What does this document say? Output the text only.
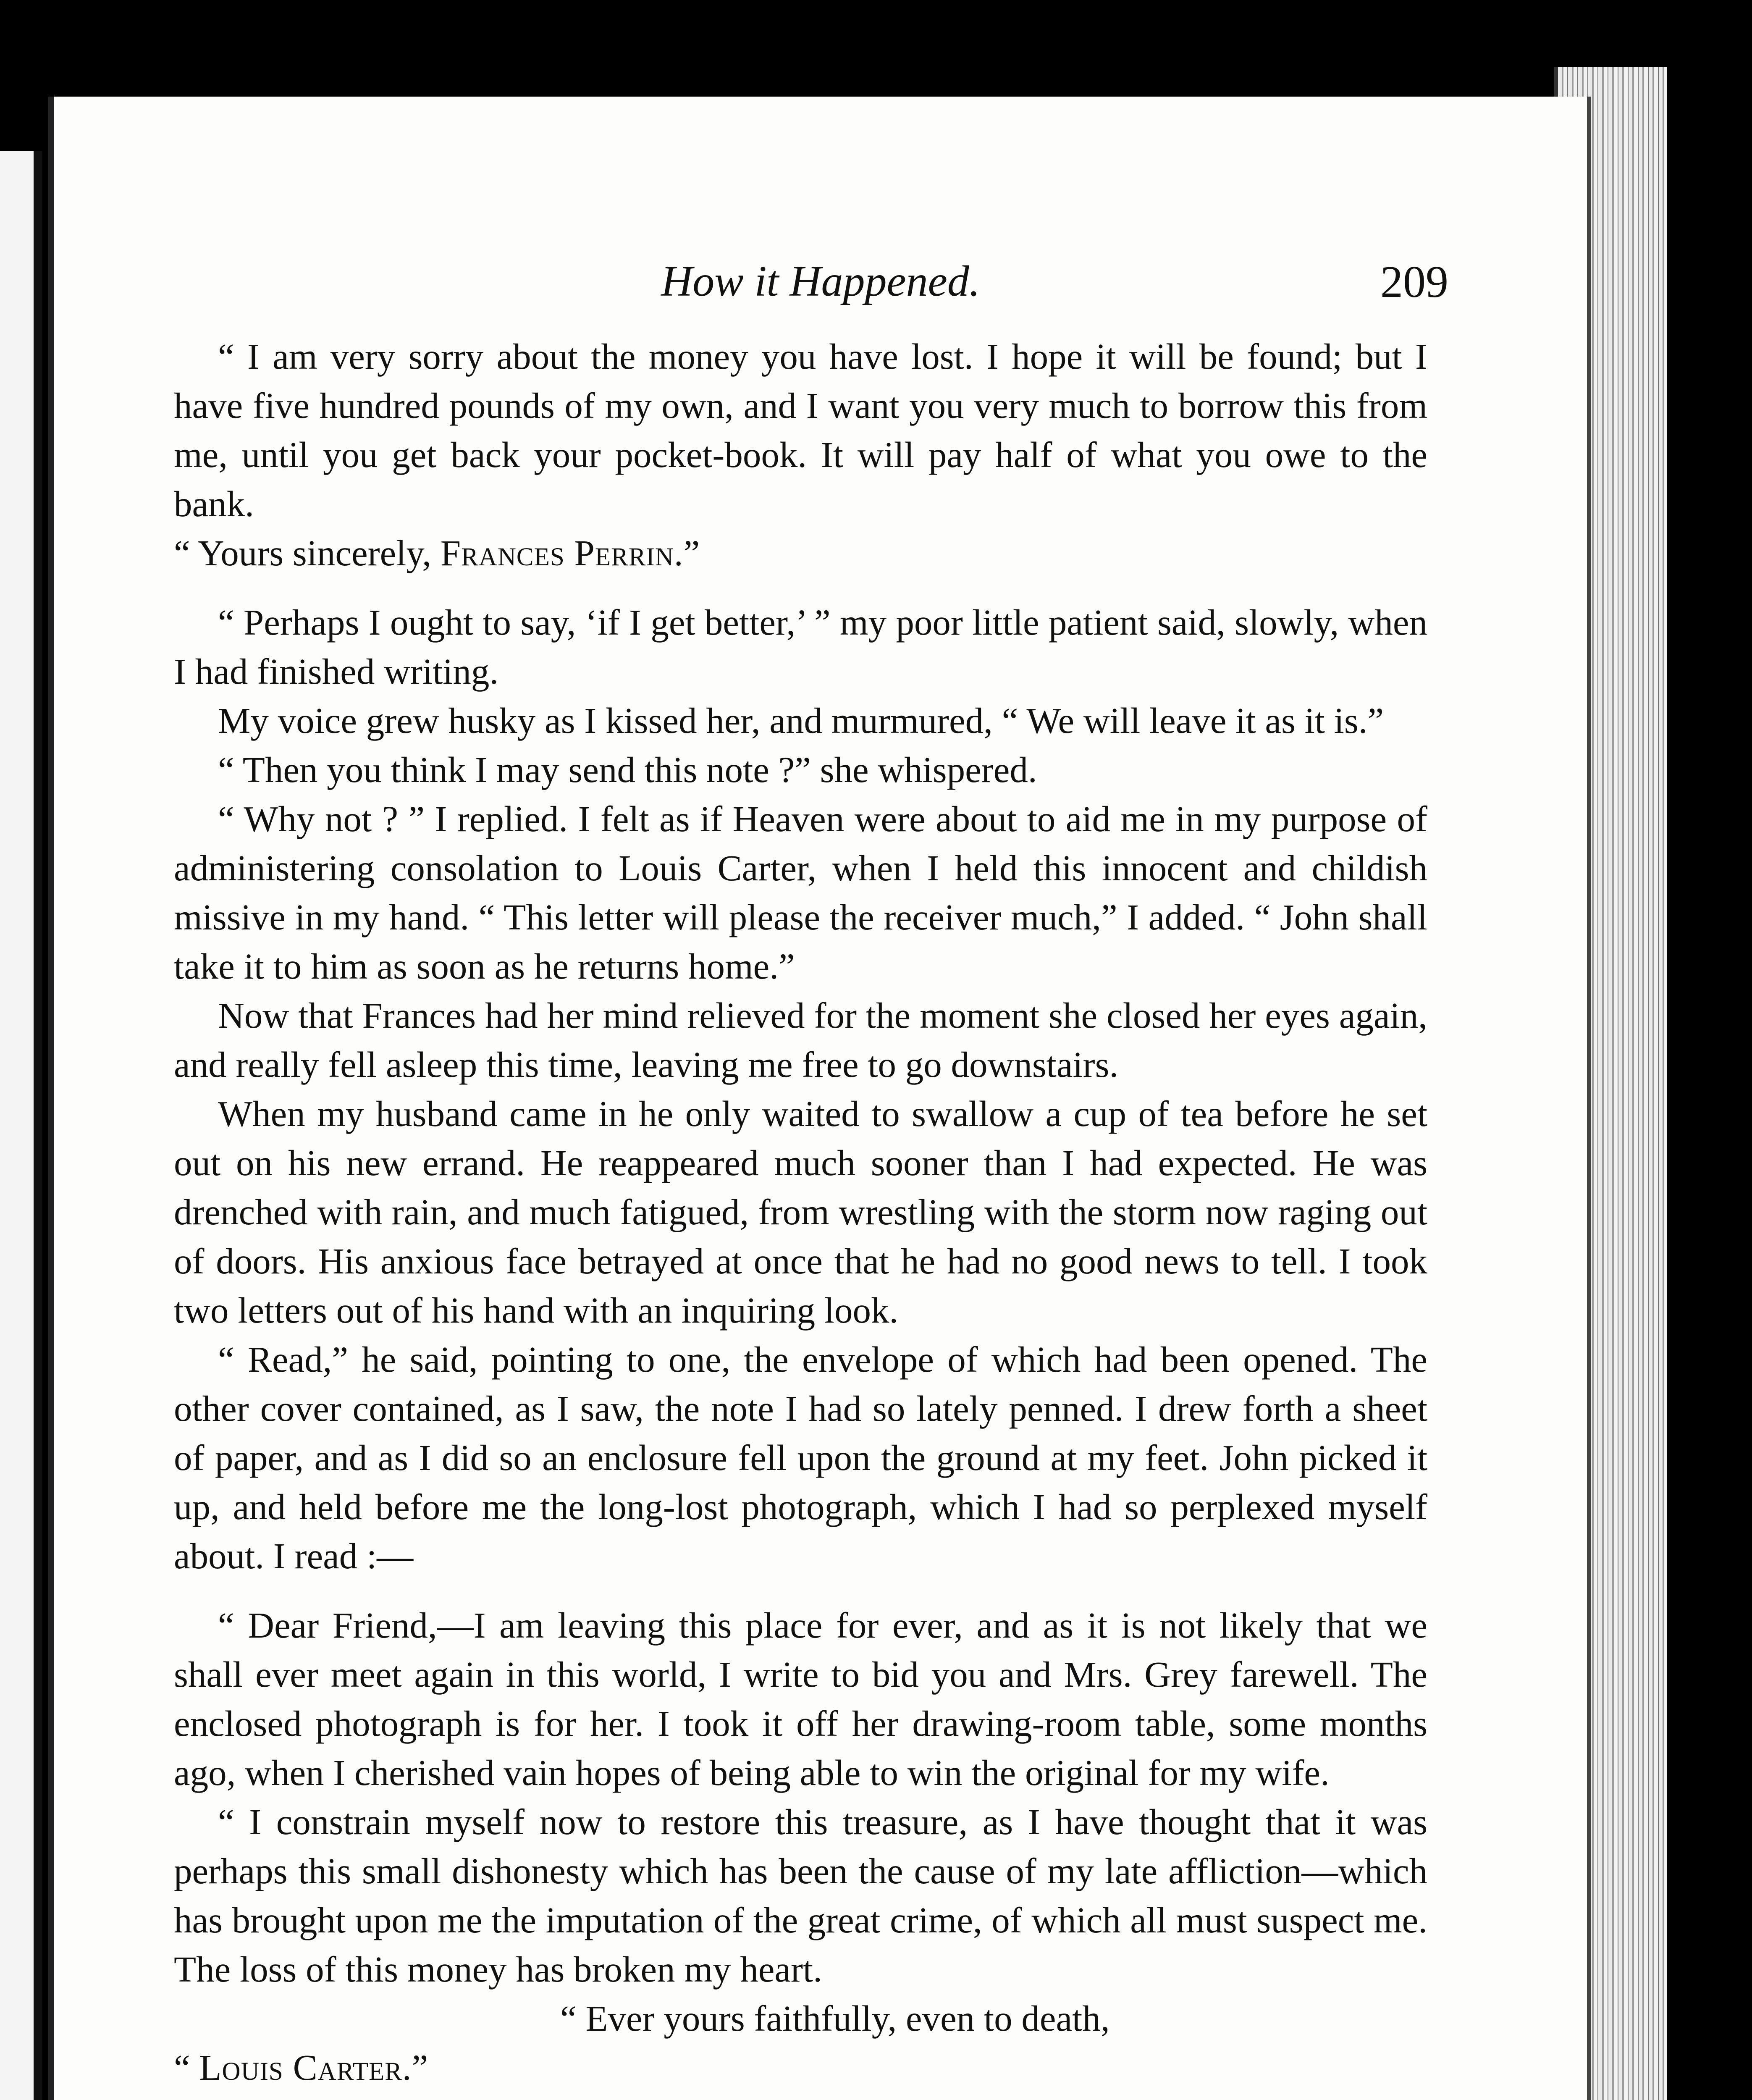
How it Happened.	209

“ I am very sorry about the money you have lost. I hope it will be found; but I have five hundred pounds of my own, and I want you very much to borrow this from me, until you get back your pocket-book. It will pay half of what you owe to the bank.

“ Yours sincerely, Frances Perrin.”

“ Perhaps I ought to say, ‘if I get better,’ ” my poor little patient said, slowly, when I had finished writing.

My voice grew husky as I kissed her, and murmured, “ We will leave it as it is.”

“ Then you think I may send this note ?” she whispered.

“ Why not ? ” I replied. I felt as if Heaven were about to aid me in my purpose of administering consolation to Louis Carter, when I held this innocent and childish missive in my hand. “ This letter will please the receiver much,” I added. “ John shall take it to him as soon as he returns home.”

Now that Frances had her mind relieved for the moment she closed her eyes again, and really fell asleep this time, leaving me free to go downstairs.

When my husband came in he only waited to swallow a cup of tea before he set out on his new errand. He reappeared much sooner than I had expected. He was drenched with rain, and much fatigued, from wrestling with the storm now raging out of doors. His anxious face betrayed at once that he had no good news to tell. I took two letters out of his hand with an inquiring look.

“ Read,” he said, pointing to one, the envelope of which had been opened. The other cover contained, as I saw, the note I had so lately penned. I drew forth a sheet of paper, and as I did so an enclosure fell upon the ground at my feet. John picked it up, and held before me the long-lost photograph, which I had so perplexed myself about. I read :—

“ Dear Friend,—I am leaving this place for ever, and as it is not likely that we shall ever meet again in this world, I write to bid you and Mrs. Grey farewell. The enclosed photograph is for her. I took it off her drawing-room table, some months ago, when I cherished vain hopes of being able to win the original for my wife.

“ I constrain myself now to restore this treasure, as I have thought that it was perhaps this small dishonesty which has been the cause of my late affliction—which has brought upon me the imputation of the great crime, of which all must suspect me. The loss of this money has broken my heart.

“ Ever yours faithfully, even to death,

“ Louis Carter.”
